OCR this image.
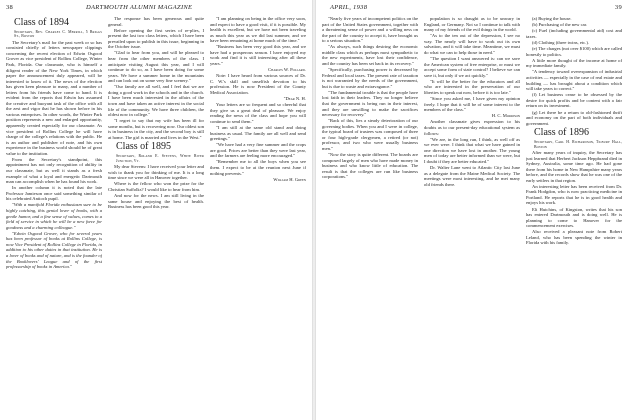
38	DARTMOUTH ALUMNI MAGAZINE
Class of 1894
Secretary, Rev. Charles C. Merrill, 5 Briggs St., Boston

The Secretary's mail for the past week or so has consisted chiefly of letters newspaper clippings concerning the recent election of Edwin Osgood Grover as vice president of Rollins College, Winter Park, Florida. Our classmate, who is himself a diligent reader of the New York Times, in which paper the announcement duly appeared, will be interested to know of it. The news of the election has given keen pleasure to many, and a number of letters from his friends have come to hand. It is evident from the reports that Edwin has assumed the creative and buoyant task of the office with all the zest and vigor that he has shown before in his various enterprises. In other words, the Winter Park position represents a new and enlarged opportunity, apparently created especially for our classmate. As vice president of Rollins College he will have charge of the college's relations with the public. He is an author and publisher of note, and his own experience in the business world should be of great value to the institution.

From the Secretary's standpoint, this appointment has not only recognition of ability in our classmate, but as well it stands as a fresh example of what a loyal and energetic Dartmouth man can accomplish when he has found his work.

In another column it is noted that the late Professor Jamieson once said something similar of his celebrated Antioch pupil.

"With a manifold Florida enthusiasm sure to be highly catching, this genial lover of books, with a gentle humor, and a fine sense of values, comes to a field of service in which he will be a new force for goodness and a charming colleague."

"Edwin Osgood Grover, who for several years has been professor of books at Rollins College, is now Vice President of Rollins College in Florida, in addition to his other duties in that institution. He is a lover of books and of nature, and is the founder of the Booklovers' League and of the first professorship of books in America."

The response has been generous and quite general.

Before opening the first series of re-plies, I present the last two class letters, which I have been prevailed upon to publish in this issue, beginning in the October issue.

"Glad to hear from you, and will be pleased to hear from the other members of the class. I anticipate visiting August this year, and I will continue to do so, as I have been doing for some years. We have a summer home in the mountains and can look out on some very fine scenery."

"Our family are all well, and I feel that we are doing a good work in the schools and in the church. I have been much interested in the affairs of the town and have taken an active interest in the social life of the community. We have three children, the oldest now in college."

"I regret to say that my wife has been ill for some months, but is recovering now. Our oldest son is in business in the city, and the second boy is still at home. The girl is married and lives in the West."

Class of 1895
Secretary, Roland E. Stevens, White River Junction, Vt.

My dear Stevens: I have received your letter and wish to thank you for thinking of me. It is a long time since we were all in Hanover together.

Where is the fellow who won the prize for the Christian Suffolks? I would like to hear from him.

And now for the news. I am still living in the same house and enjoying the best of health. Business has been good this year.

"I am planning on being in the office very soon, and expect to have a good visit, if it is possible. My health is excellent, but we have not been traveling as much this year as we did last summer, and we have been remaining at home much of the time."

"Business has been very good this year, and we have had a prosperous season. I have enjoyed my work and find it is still interesting after all these years."

Charles W. Pollard.

Note: I have heard from various sources of Dr. C. W.'s skill and unselfish devotion to his profession. He is now President of the County Medical Association.

"Dear N. H.

Your letters are so frequent and so cheerful that they give us a great deal of pleasure. We enjoy reading the news of the class and hope you will continue to send them."

"I am still at the same old stand and doing business as usual. The family are all well and send greetings."

"We have had a very fine summer and the crops are good. Prices are better than they were last year, and the farmers are feeling more encouraged."

"Remember me to all the boys when you see them. I expect to be at the reunion next June if nothing prevents."

William H. Green

APRIL, 1938	39

"Nearly five years of incompetent politics on the part of the United States government, together with a threatening sense of power and a willing ness on the part of the country to accept it, have brought us to a serious situation."

"As always, such things desiring the economic middle class which as perhaps most sympathetic to the new experiments, have lost their confidence, and the country has been set back in its recovery."

"Specifically, purchasing power is decreased by Federal and local taxes. The present rate of taxation is not warranted by the needs of the government, but is due to waste and extravagance."

"The fundamental trouble is that the people have lost faith in their leaders. They no longer believe that the government is being run in their interest, and they are unwilling to make the sacrifices necessary for recovery."

"Back of this, lies a steady deterioration of our governing bodies. When you and I were in college, the typical board of trustees was composed of three or four high-grade clergymen, a retired (or not) professor, and two who were usually business men."

"Now the story is quite different. The boards are composed largely of men who have made money in business and who know little of education. The result is that the colleges are run like business corporations."

population is so draught as to be unwary in England, or Germany. Not so I continue to talk with many of my friends of the evil things in the world.

"As to the ten out of the depression, I see no way. The nearly will have to work out its own salvation, and it will take time. Meantime, we must do what we can to help those in need."

"The question I want answered is: can we save the American system of free enterprise, or must we accept some form of state control? I believe we can save it, but only if we act quickly."

"It will be the better for the educators and all who are interested in the preservation of our liberties to speak out now, before it is too late."

"Since you asked me, I have given my opinion freely. I hope that it will be of some interest to the members of the class."

H. C. Morrison

Another classmate gives expression to his doubts as to our present-day educational system as follows:

"We are, in the long run, I think, as well off as we ever were. I think that what we have gained in one direction we have lost in another. The young men of today are better informed than we were, but I doubt if they are better educated."

Dr. Walter Lane went to Atlantic City last June as a delegate from the Maine Medical Society. The meetings were most interesting, and he met many old friends there.

(a) Buying the house.

(b) Purchasing of the new car.

(c) Fuel (including governmental aid) cost and taxes.

(d) Clothing (three twins, etc.).

(e) The charges (not over $100) which are called honestly to politics.

A little more thought of the income at home of my immediate family.

"A tendency toward overexpansion of industrial activities — especially in the case of real estate and building — has brought about a condition which will take years to correct."

(f) Let business cease to be obsessed by the desire for quick profits and be content with a fair return on its investment.

(g) Let there be a return to old-fashioned thrift and economy on the part of both individuals and government.

Class of 1896
Secretary, Carl H. Richardson, Tilbury Hall, Boston

After many years of inquiry, the Secretary has just learned that Herbert Jackson Heppbrand died in Sydney, Australia, some time ago. He had gone there from his home in New Hampshire many years before, and the records show that he was one of the early settlers in that region.

An interesting letter has been received from Dr. Frank Hodgdon, who is now practicing medicine in Portland. He reports that he is in good health and enjoys his work.

Eli Hutchins, of Kingston, writes that his son has entered Dartmouth and is doing well. He is planning to come to Hanover for the commencement exercises.

Also received a pleasant note from Robert Leland, who has been spending the winter in Florida with his family.
